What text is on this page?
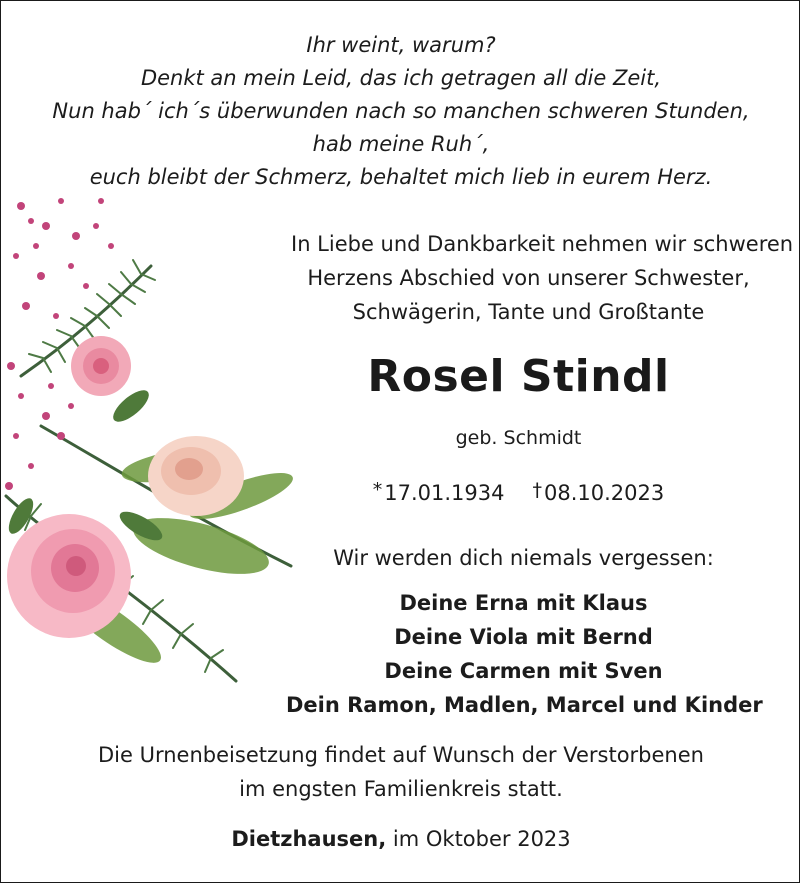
Ihr weint, warum?
Denkt an mein Leid, das ich getragen all die Zeit,
Nun hab´ ich´s überwunden nach so manchen schweren Stunden,
hab meine Ruh´,
euch bleibt der Schmerz, behaltet mich lieb in eurem Herz.
In Liebe und Dankbarkeit nehmen wir schweren
Herzens Abschied von unserer Schwester,
Schwägerin, Tante und Großtante
Rosel Stindl
geb. Schmidt
*17.01.1934 †08.10.2023
Wir werden dich niemals vergessen:
Deine Erna mit Klaus
Deine Viola mit Bernd
Deine Carmen mit Sven
Dein Ramon, Madlen, Marcel und Kinder
Die Urnenbeisetzung findet auf Wunsch der Verstorbenen
im engsten Familienkreis statt.
Dietzhausen, im Oktober 2023
